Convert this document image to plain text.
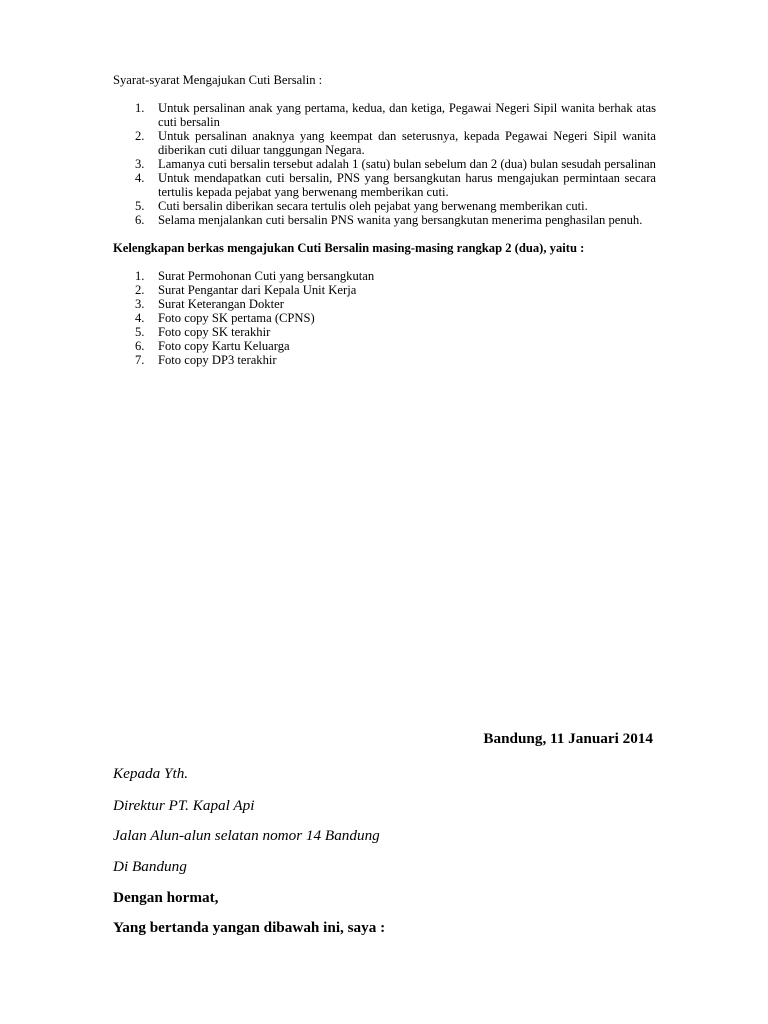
Syarat-syarat Mengajukan Cuti Bersalin :

1. Untuk persalinan anak yang pertama, kedua, dan ketiga, Pegawai Negeri Sipil wanita berhak atas cuti bersalin
2. Untuk persalinan anaknya yang keempat dan seterusnya, kepada Pegawai Negeri Sipil wanita diberikan cuti diluar tanggungan Negara.
3. Lamanya cuti bersalin tersebut adalah 1 (satu) bulan sebelum dan 2 (dua) bulan sesudah persalinan
4. Untuk mendapatkan cuti bersalin, PNS yang bersangkutan harus mengajukan permintaan secara tertulis kepada pejabat yang berwenang memberikan cuti.
5. Cuti bersalin diberikan secara tertulis oleh pejabat yang berwenang memberikan cuti.
6. Selama menjalankan cuti bersalin PNS wanita yang bersangkutan menerima penghasilan penuh.

Kelengkapan berkas mengajukan Cuti Bersalin masing-masing rangkap 2 (dua), yaitu :

1. Surat Permohonan Cuti yang bersangkutan
2. Surat Pengantar dari Kepala Unit Kerja
3. Surat Keterangan Dokter
4. Foto copy SK pertama (CPNS)
5. Foto copy SK terakhir
6. Foto copy Kartu Keluarga
7. Foto copy DP3 terakhir

Bandung, 11 Januari 2014

Kepada Yth.

Direktur PT. Kapal Api

Jalan Alun-alun selatan nomor 14 Bandung

Di Bandung

Dengan hormat,

Yang bertanda yangan dibawah ini, saya :
